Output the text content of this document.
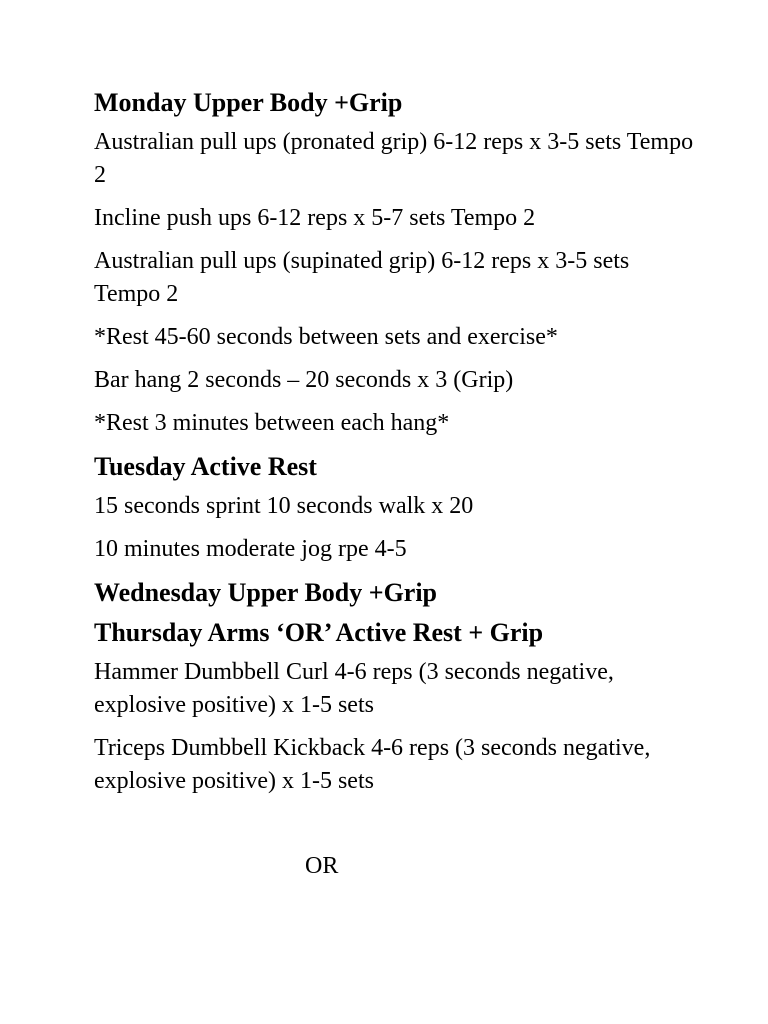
Monday Upper Body +Grip
Australian pull ups (pronated grip) 6-12 reps x 3-5 sets Tempo 2
Incline push ups 6-12 reps x 5-7 sets Tempo 2
Australian pull ups (supinated grip) 6-12 reps x 3-5 sets Tempo 2
*Rest 45-60 seconds between sets and exercise*
Bar hang 2 seconds – 20 seconds x 3 (Grip)
*Rest 3 minutes between each hang*
Tuesday Active Rest
15 seconds sprint 10 seconds walk x 20
10 minutes moderate jog rpe 4-5
Wednesday Upper Body +Grip
Thursday Arms ‘OR’ Active Rest + Grip
Hammer Dumbbell Curl 4-6 reps (3 seconds negative, explosive positive) x 1-5 sets
Triceps Dumbbell Kickback 4-6 reps (3 seconds negative, explosive positive) x 1-5 sets
OR
